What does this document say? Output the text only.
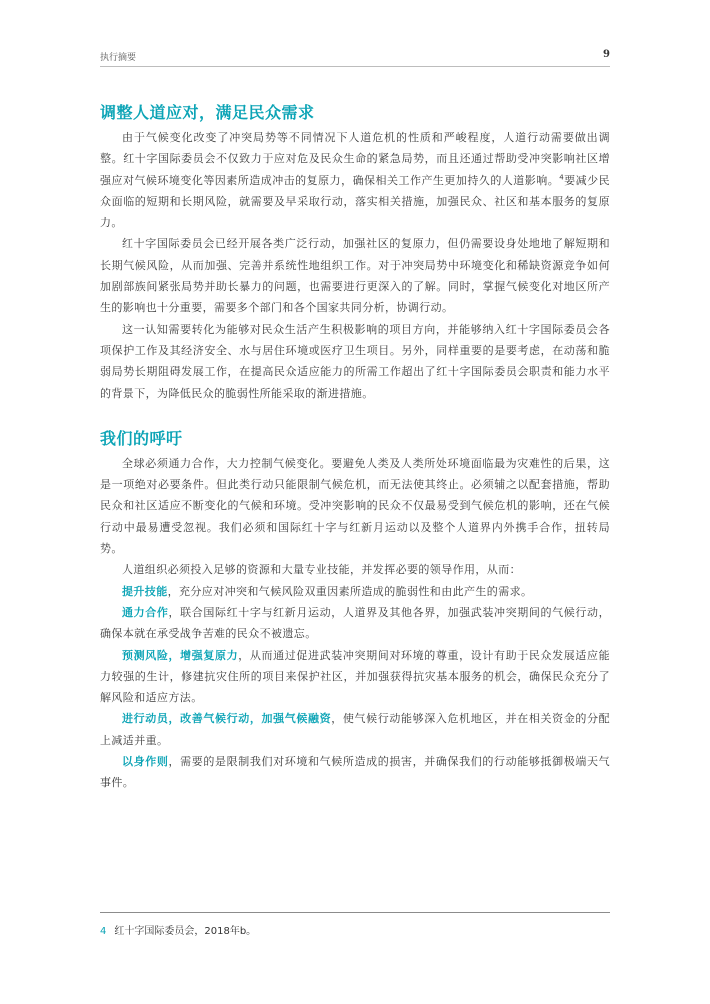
执行摘要	9
调整人道应对，满足民众需求

由于气候变化改变了冲突局势等不同情况下人道危机的性质和严峻程度，人道行动需要做出调整。红十字国际委员会不仅致力于应对危及民众生命的紧急局势，而且还通过帮助受冲突影响社区增强应对气候环境变化等因素所造成冲击的复原力，确保相关工作产生更加持久的人道影响。$^4$要减少民众面临的短期和长期风险，就需要及早采取行动，落实相关措施，加强民众、社区和基本服务的复原力。

红十字国际委员会已经开展各类广泛行动，加强社区的复原力，但仍需要设身处地地了解短期和长期气候风险，从而加强、完善并系统性地组织工作。对于冲突局势中环境变化和稀缺资源竞争如何加剧部族间紧张局势并助长暴力的问题，也需要进行更深入的了解。同时，掌握气候变化对地区所产生的影响也十分重要，需要多个部门和各个国家共同分析，协调行动。

这一认知需要转化为能够对民众生活产生积极影响的项目方向，并能够纳入红十字国际委员会各项保护工作及其经济安全、水与居住环境或医疗卫生项目。另外，同样重要的是要考虑，在动荡和脆弱局势长期阻碍发展工作，在提高民众适应能力的所需工作超出了红十字国际委员会职责和能力水平的背景下，为降低民众的脆弱性所能采取的渐进措施。

我们的呼吁

全球必须通力合作，大力控制气候变化。要避免人类及人类所处环境面临最为灾难性的后果，这是一项绝对必要条件。但此类行动只能限制气候危机，而无法使其终止。必须辅之以配套措施，帮助民众和社区适应不断变化的气候和环境。受冲突影响的民众不仅最易受到气候危机的影响，还在气候行动中最易遭受忽视。我们必须和国际红十字与红新月运动以及整个人道界内外携手合作，扭转局势。

人道组织必须投入足够的资源和大量专业技能，并发挥必要的领导作用，从而：

提升技能，充分应对冲突和气候风险双重因素所造成的脆弱性和由此产生的需求。

通力合作，联合国际红十字与红新月运动，人道界及其他各界，加强武装冲突期间的气候行动，确保本就在承受战争苦难的民众不被遗忘。

预测风险，增强复原力，从而通过促进武装冲突期间对环境的尊重，设计有助于民众发展适应能力较强的生计，修建抗灾住所的项目来保护社区，并加强获得抗灾基本服务的机会，确保民众充分了解风险和适应方法。

进行动员，改善气候行动，加强气候融资，使气候行动能够深入危机地区，并在相关资金的分配上减适并重。

以身作则，需要的是限制我们对环境和气候所造成的损害，并确保我们的行动能够抵御极端天气事件。

4 红十字国际委员会，2018年b。
